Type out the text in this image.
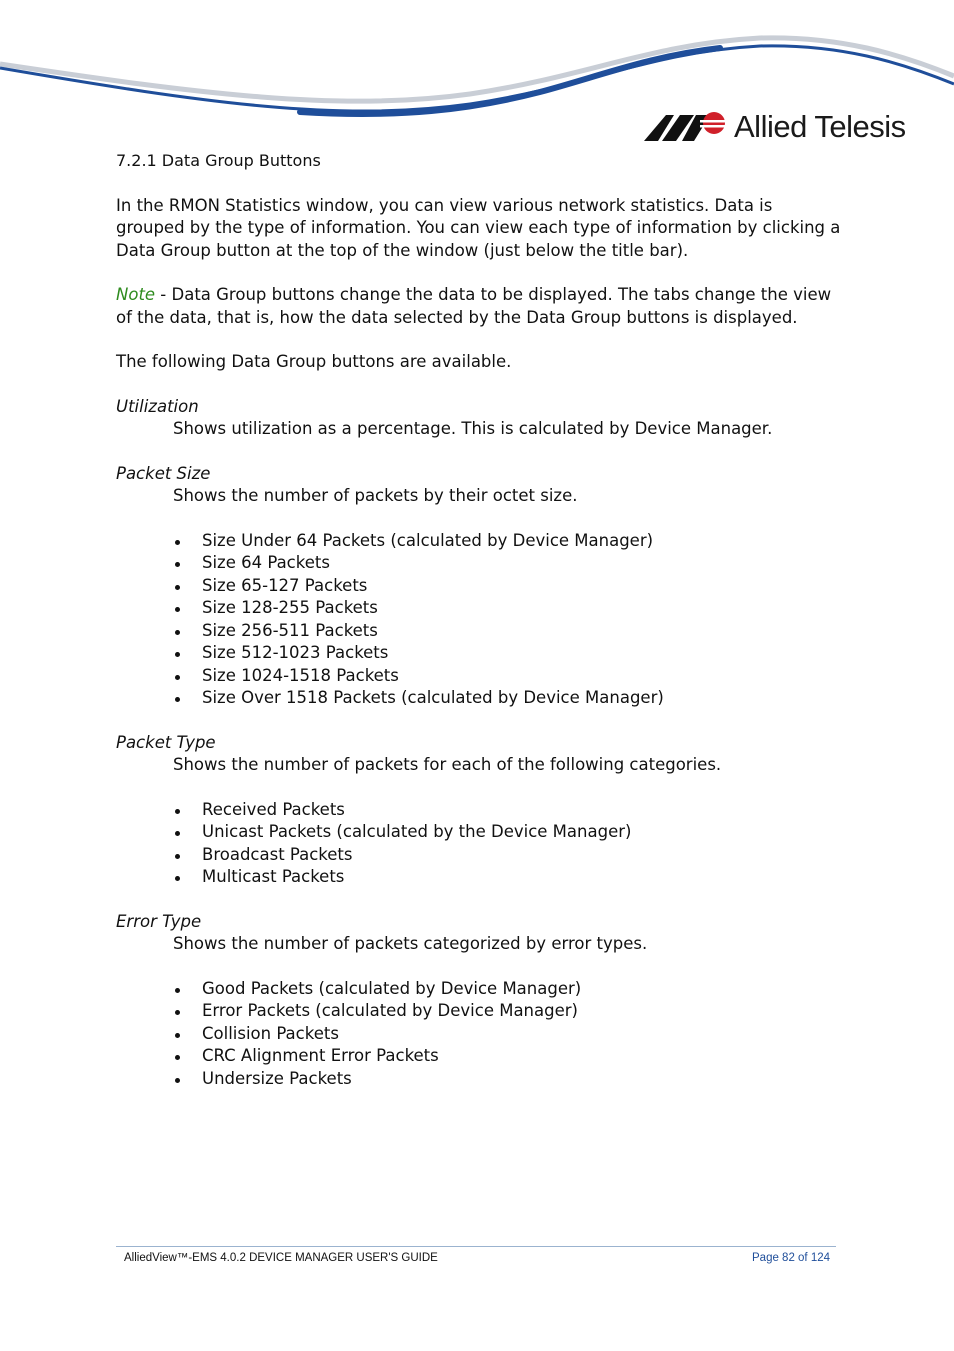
Allied Telesis
7.2.1 Data Group Buttons

In the RMON Statistics window, you can view various network statistics. Data is grouped by the type of information. You can view each type of information by clicking a Data Group button at the top of the window (just below the title bar).

Note - Data Group buttons change the data to be displayed. The tabs change the view of the data, that is, how the data selected by the Data Group buttons is displayed.

The following Data Group buttons are available.

Utilization

Shows utilization as a percentage. This is calculated by Device Manager.

Packet Size

Shows the number of packets by their octet size.

Size Under 64 Packets (calculated by Device Manager)
Size 64 Packets
Size 65-127 Packets
Size 128-255 Packets
Size 256-511 Packets
Size 512-1023 Packets
Size 1024-1518 Packets
Size Over 1518 Packets (calculated by Device Manager)
Packet Type

Shows the number of packets for each of the following categories.

Received Packets
Unicast Packets (calculated by the Device Manager)
Broadcast Packets
Multicast Packets
Error Type

Shows the number of packets categorized by error types.

Good Packets (calculated by Device Manager)
Error Packets (calculated by Device Manager)
Collision Packets
CRC Alignment Error Packets
Undersize Packets
AlliedView™-EMS 4.0.2 DEVICE MANAGER USER'S GUIDE	Page 82 of 124
